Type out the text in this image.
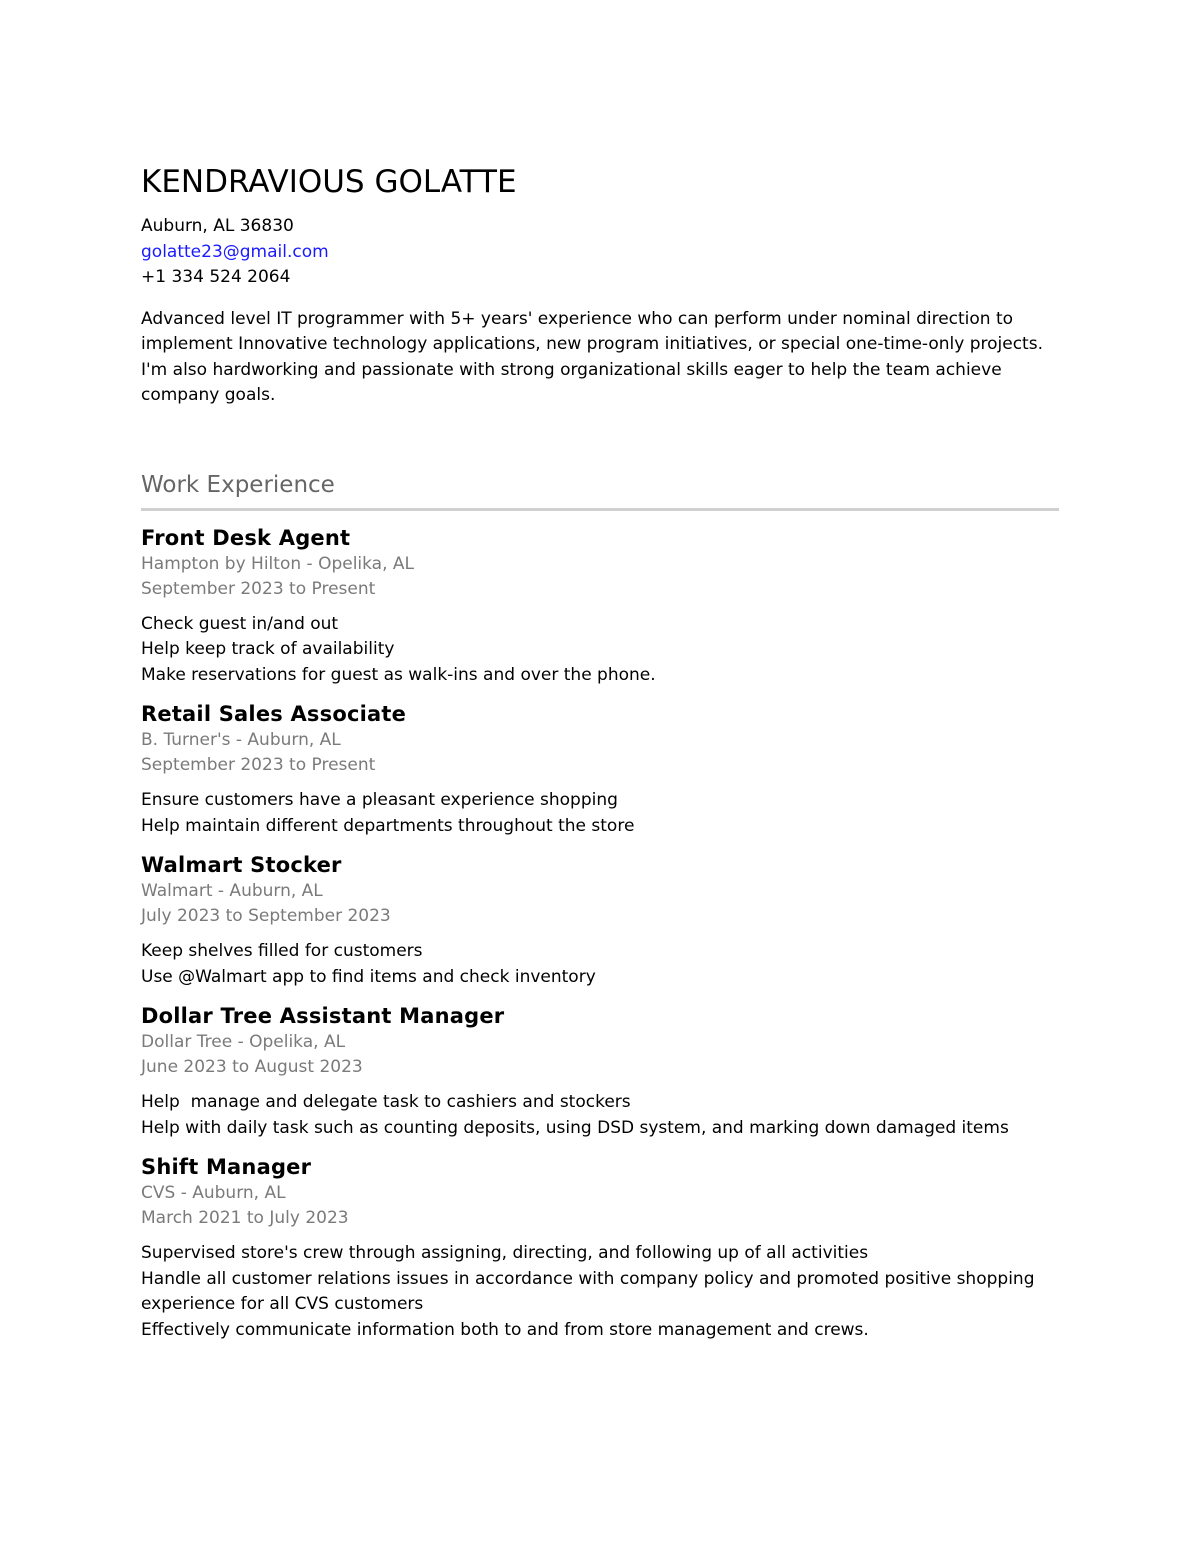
KENDRAVIOUS GOLATTE
Auburn, AL 36830
golatte23@gmail.com
+1 334 524 2064
Advanced level IT programmer with 5+ years' experience who can perform under nominal direction to implement Innovative technology applications, new program initiatives, or special one-time-only projects. I'm also hardworking and passionate with strong organizational skills eager to help the team achieve company goals.
Work Experience
Front Desk Agent
Hampton by Hilton - Opelika, AL
September 2023 to Present
Check guest in/and out
Help keep track of availability
Make reservations for guest as walk-ins and over the phone.
Retail Sales Associate
B. Turner's - Auburn, AL
September 2023 to Present
Ensure customers have a pleasant experience shopping
Help maintain different departments throughout the store
Walmart Stocker
Walmart - Auburn, AL
July 2023 to September 2023
Keep shelves filled for customers
Use @Walmart app to find items and check inventory
Dollar Tree Assistant Manager
Dollar Tree - Opelika, AL
June 2023 to August 2023
Help  manage and delegate task to cashiers and stockers
Help with daily task such as counting deposits, using DSD system, and marking down damaged items
Shift Manager
CVS - Auburn, AL
March 2021 to July 2023
Supervised store's crew through assigning, directing, and following up of all activities
Handle all customer relations issues in accordance with company policy and promoted positive shopping experience for all CVS customers
Effectively communicate information both to and from store management and crews.
